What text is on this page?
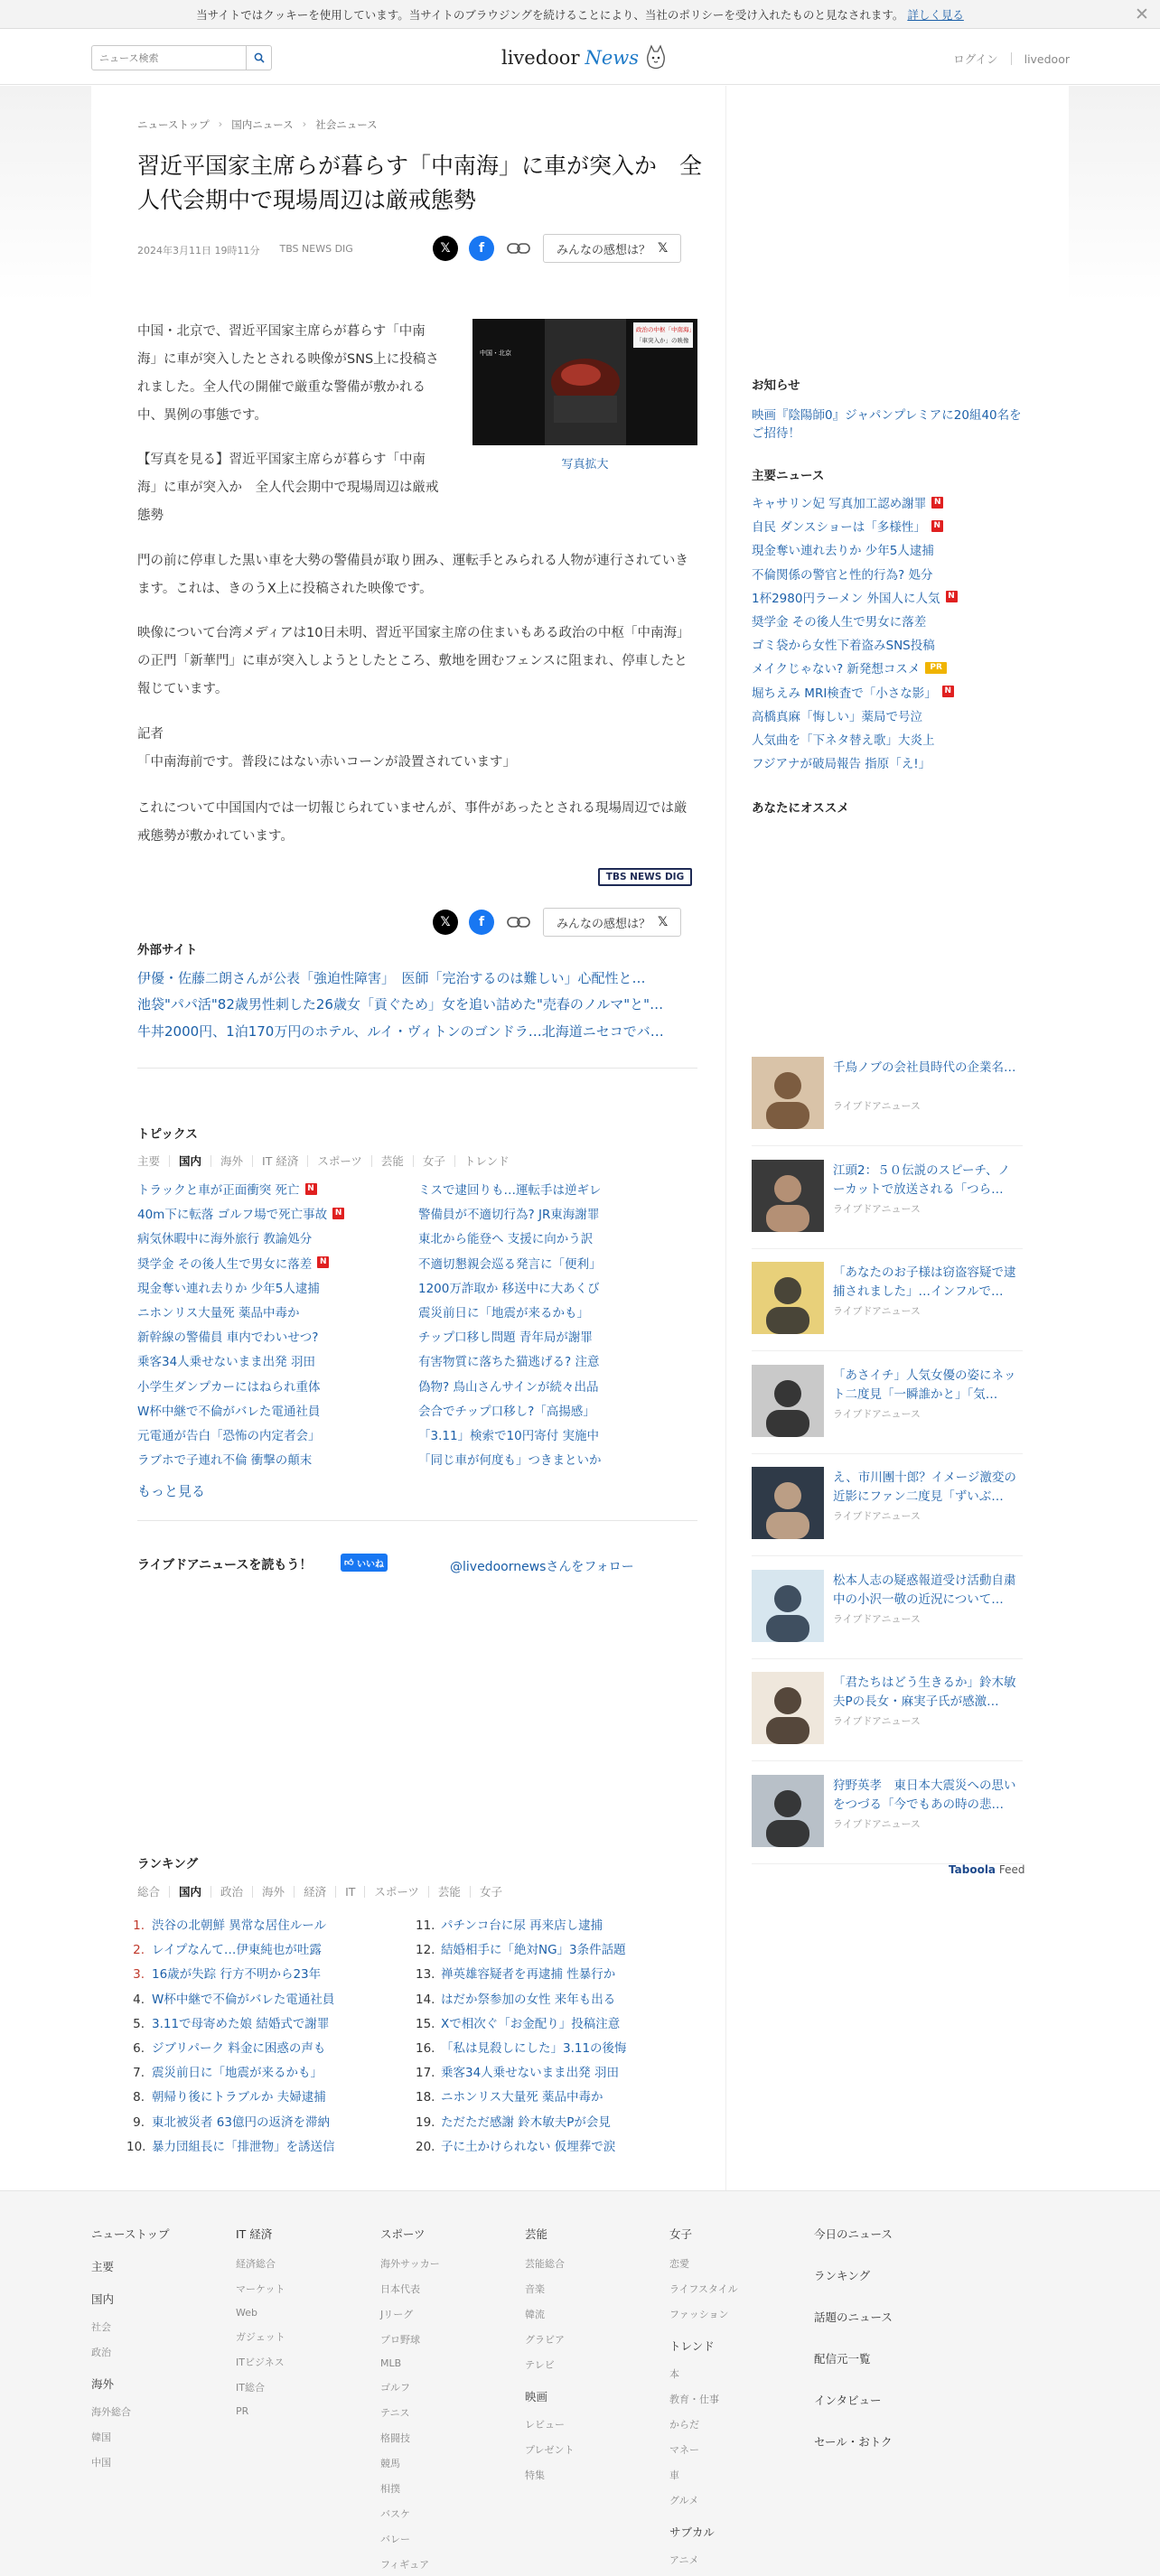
当サイトではクッキーを使用しています。当サイトのブラウジングを続けることにより、当社のポリシーを受け入れたものと見なされます。 詳しく見る	✕
ニュース検索
livedoor News	ログイン livedoor
ニューストップ › 国内ニュース › 社会ニュース
習近平国家主席らが暮らす「中南海」に車が突入か　全人代会期中で現場周辺は厳戒態勢
2024年3月11日 19時11分 TBS NEWS DIG	𝕏	f	みんなの感想は？ 𝕏
中国・北京
政治の中枢「中南海」
「車突入か」の映像
写真拡大

中国・北京で、習近平国家主席らが暮らす「中南海」に車が突入したとされる映像がSNS上に投稿されました。全人代の開催で厳重な警備が敷かれる中、異例の事態です。

【写真を見る】習近平国家主席らが暮らす「中南海」に車が突入か　全人代会期中で現場周辺は厳戒態勢

門の前に停車した黒い車を大勢の警備員が取り囲み、運転手とみられる人物が連行されていきます。これは、きのうX上に投稿された映像です。

映像について台湾メディアは10日未明、習近平国家主席の住まいもある政治の中枢「中南海」の正門「新華門」に車が突入しようとしたところ、敷地を囲むフェンスに阻まれ、停車したと報じています。

記者

「中南海前です。普段にはない赤いコーンが設置されています」

これについて中国国内では一切報じられていませんが、事件があったとされる現場周辺では厳戒態勢が敷かれています。

TBS NEWS DIG
𝕏	f	みんなの感想は？ 𝕏
外部サイト
伊優・佐藤二朗さんが公表「強迫性障害」　医師「完治するのは難しい」心配性と…
池袋"パパ活"82歳男性刺した26歳女「貢ぐため」女を追い詰めた"売春のノルマ"と"…
牛丼2000円、1泊170万円のホテル、ルイ・ヴィトンのゴンドラ…北海道ニセコでバ…
トピックス
主要	国内	海外	IT 経済	スポーツ	芸能	女子	トレンド
トラックと車が正面衝突 死亡 N
40m下に転落 ゴルフ場で死亡事故 N
病気休暇中に海外旅行 教諭処分
奨学金 その後人生で男女に落差 N
現金奪い連れ去りか 少年5人逮捕
ニホンリス大量死 薬品中毒か
新幹線の警備員 車内でわいせつ?
乗客34人乗せないまま出発 羽田
小学生ダンプカーにはねられ重体
W杯中継で不倫がバレた電通社員
元電通が告白「恐怖の内定者会」
ラブホで子連れ不倫 衝撃の顛末
ミスで逮回りも…運転手は逆ギレ
警備員が不適切行為? JR東海謝罪
東北から能登へ 支援に向かう訳
不適切懇親会巡る発言に「便利」
1200万詐取か 移送中に大あくび
震災前日に「地震が来るかも」
チップ口移し問題 青年局が謝罪
有害物質に落ちた猫逃げる? 注意
偽物? 鳥山さんサインが続々出品
会合でチップ口移し?「高揚感」
「3.11」検索で10円寄付 実施中
「同じ車が何度も」つきまといか
もっと見る
ライブドアニュースを読もう！	👍︎
いいね	@livedoornewsさんをフォロー
ランキング
総合	国内	政治	海外	経済	IT	スポーツ	芸能	女子
1. 渋谷の北朝鮮 異常な居住ルール
2. レイプなんて…伊東純也が吐露
3. 16歳が失踪 行方不明から23年
4. W杯中継で不倫がバレた電通社員
5. 3.11で母寄めた娘 結婚式で謝罪
6. ジブリパーク 料金に困惑の声も
7. 震災前日に「地震が来るかも」
8. 朝帰り後にトラブルか 夫婦逮捕
9. 東北被災者 63億円の返済を滞納
10. 暴力団組長に「排泄物」を誘送信
11. パチンコ台に尿 再来店し逮捕
12. 結婚相手に「絶対NG」3条件話題
13. 禅英雄容疑者を再逮捕 性暴行か
14. はだか祭参加の女性 来年も出る
15. Xで相次ぐ「お金配り」投稿注意
16. 「私は見殺しにした」3.11の後悔
17. 乗客34人乗せないまま出発 羽田
18. ニホンリス大量死 薬品中毒か
19. ただただ感謝 鈴木敏夫Pが会見
20. 子に土かけられない 仮埋葬で涙
お知らせ
映画『陰陽師0』ジャパンプレミアに20組40名をご招待！
主要ニュース
キャサリン妃 写真加工認め謝罪 N
自民 ダンスショーは「多様性」 N
現金奪い連れ去りか 少年5人逮捕
不倫関係の警官と性的行為? 処分
1杯2980円ラーメン 外国人に人気 N
奨学金 その後人生で男女に落差
ゴミ袋から女性下着盗みSNS投稿
メイクじゃない? 新発想コスメ	PR
堀ちえみ MRI検査で「小さな影」 N
高橋真麻「悔しい」薬局で号泣
人気曲を「下ネタ替え歌」大炎上
フジアナが破局報告 指原「え!」
あなたにオススメ
千鳥ノブの会社員時代の企業名…
ライブドアニュース
江頭2：５０伝説のスピーチ、ノーカットで放送される「つら…
ライブドアニュース
「あなたのお子様は窃盗容疑で逮捕されました」…インフルで…
ライブドアニュース
「あさイチ」人気女優の姿にネット二度見「一瞬誰かと」「気…
ライブドアニュース
え、市川團十郎？イメージ激変の近影にファン二度見「ずいぶ…
ライブドアニュース
松本人志の疑惑報道受け活動自粛中の小沢一敬の近況について…
ライブドアニュース
「君たちはどう生きるか」鈴木敏夫Pの長女・麻実子氏が感激…
ライブドアニュース
狩野英孝　東日本大震災への思いをつづる「今でもあの時の悲…
ライブドアニュース
Taboola Feed
ニューストップ
主要
国内
社会
政治
海外
海外総合
韓国
中国
IT 経済
経済総合
マーケット
Web
ガジェット
ITビジネス
IT総合
PR
スポーツ
海外サッカー
日本代表
Jリーグ
プロ野球
MLB
ゴルフ
テニス
格闘技
競馬
相撲
バスケ
バレー
フィギュア
芸能
芸能総合
音楽
韓流
グラビア
テレビ
映画
レビュー
プレゼント
特集
女子
恋愛
ライフスタイル
ファッション
トレンド
本
教育・仕事
からだ
マネー
車
グルメ
サブカル
アニメ
今日のニュース
ランキング
話題のニュース
配信元一覧
インタビュー
セール・おトク
